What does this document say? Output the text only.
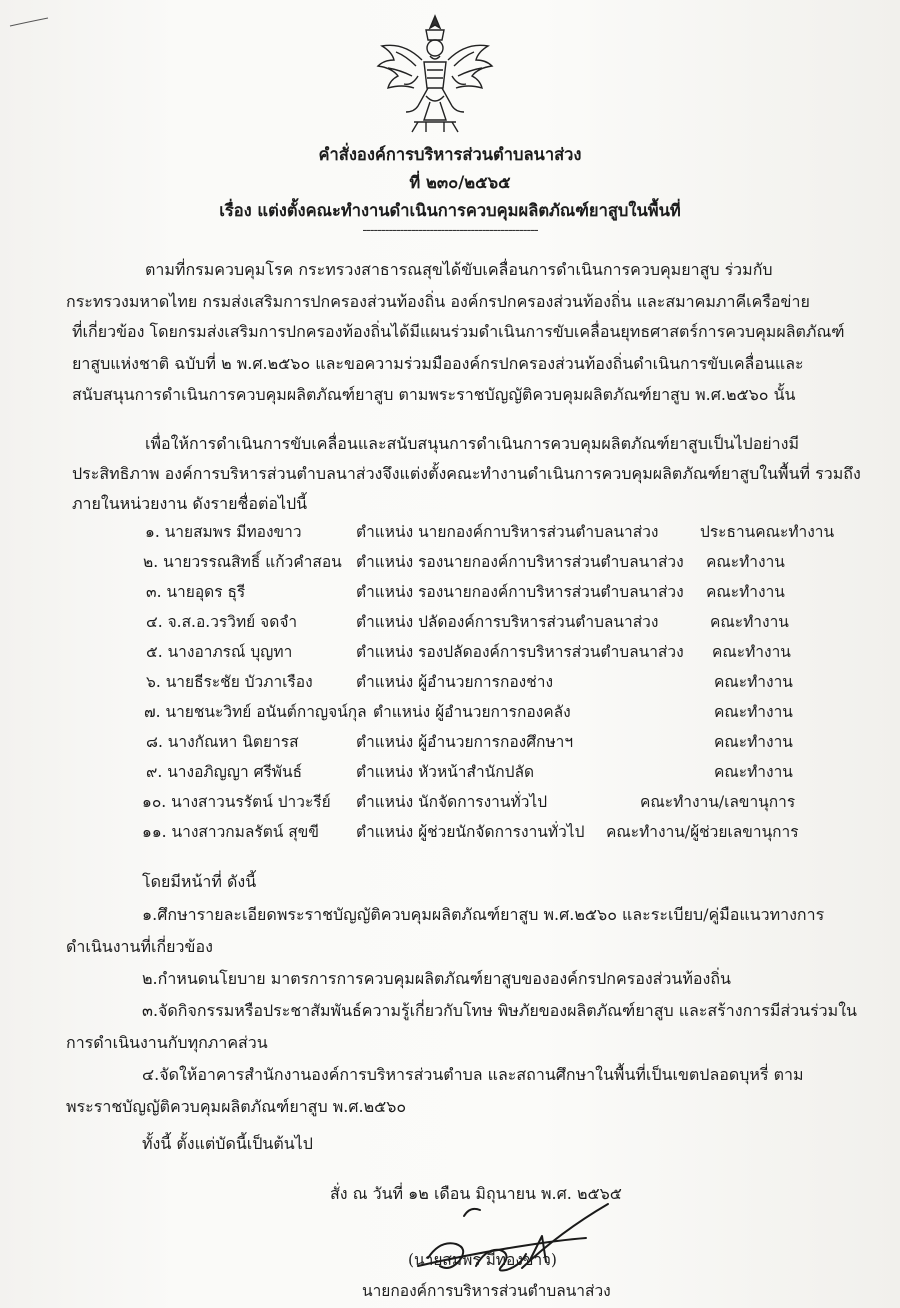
คำสั่งองค์การบริหารส่วนตำบลนาส่วง
ที่ ๒๓๐/๒๕๖๕
เรื่อง แต่งตั้งคณะทำงานดำเนินการควบคุมผลิตภัณฑ์ยาสูบในพื้นที่
-----------------------------------------------
ตามที่กรมควบคุมโรค กระทรวงสาธารณสุขได้ขับเคลื่อนการดำเนินการควบคุมยาสูบ ร่วมกับ
กระทรวงมหาดไทย กรมส่งเสริมการปกครองส่วนท้องถิ่น องค์กรปกครองส่วนท้องถิ่น และสมาคมภาคีเครือข่าย
ที่เกี่ยวข้อง โดยกรมส่งเสริมการปกครองท้องถิ่นได้มีแผนร่วมดำเนินการขับเคลื่อนยุทธศาสตร์การควบคุมผลิตภัณฑ์
ยาสูบแห่งชาติ ฉบับที่ ๒ พ.ศ.๒๕๖๐ และขอความร่วมมือองค์กรปกครองส่วนท้องถิ่นดำเนินการขับเคลื่อนและ
สนับสนุนการดำเนินการควบคุมผลิตภัณฑ์ยาสูบ ตามพระราชบัญญัติควบคุมผลิตภัณฑ์ยาสูบ พ.ศ.๒๕๖๐ นั้น
เพื่อให้การดำเนินการขับเคลื่อนและสนับสนุนการดำเนินการควบคุมผลิตภัณฑ์ยาสูบเป็นไปอย่างมี
ประสิทธิภาพ องค์การบริหารส่วนตำบลนาส่วงจึงแต่งตั้งคณะทำงานดำเนินการควบคุมผลิตภัณฑ์ยาสูบในพื้นที่ รวมถึง
ภายในหน่วยงาน ดังรายชื่อต่อไปนี้
๑. นายสมพร มีทองขาว	ตำแหน่ง นายกองค์กาบริหารส่วนตำบลนาส่วง	ประธานคณะทำงาน
๒. นายวรรณสิทธิ์ แก้วคำสอน ตำแหน่ง รองนายกองค์กาบริหารส่วนตำบลนาส่วง คณะทำงาน
๓. นายอุดร ธุรี	ตำแหน่ง รองนายกองค์กาบริหารส่วนตำบลนาส่วง คณะทำงาน
๔. จ.ส.อ.วรวิทย์ จดจำ	ตำแหน่ง ปลัดองค์การบริหารส่วนตำบลนาส่วง	คณะทำงาน
๕. นางอาภรณ์ บุญทา	ตำแหน่ง รองปลัดองค์การบริหารส่วนตำบลนาส่วง คณะทำงาน
๖. นายธีระชัย บัวภาเรือง	ตำแหน่ง ผู้อำนวยการกองช่าง	คณะทำงาน
๗. นายชนะวิทย์ อนันต์กาญจน์กุล ตำแหน่ง ผู้อำนวยการกองคลัง	คณะทำงาน
๘. นางกัณหา นิตยารส	ตำแหน่ง ผู้อำนวยการกองศึกษาฯ	คณะทำงาน
๙. นางอภิญญา ศรีพันธ์	ตำแหน่ง หัวหน้าสำนักปลัด	คณะทำงาน
๑๐. นางสาวนรรัตน์ ปาวะรีย์ ตำแหน่ง นักจัดการงานทั่วไป	คณะทำงาน/เลขานุการ
๑๑. นางสาวกมลรัตน์ สุขขี ตำแหน่ง ผู้ช่วยนักจัดการงานทั่วไป คณะทำงาน/ผู้ช่วยเลขานุการ
โดยมีหน้าที่ ดังนี้
๑.ศึกษารายละเอียดพระราชบัญญัติควบคุมผลิตภัณฑ์ยาสูบ พ.ศ.๒๕๖๐ และระเบียบ/คู่มือแนวทางการ
ดำเนินงานที่เกี่ยวข้อง
๒.กำหนดนโยบาย มาตรการการควบคุมผลิตภัณฑ์ยาสูบขององค์กรปกครองส่วนท้องถิ่น
๓.จัดกิจกรรมหรือประชาสัมพันธ์ความรู้เกี่ยวกับโทษ พิษภัยของผลิตภัณฑ์ยาสูบ และสร้างการมีส่วนร่วมใน
การดำเนินงานกับทุกภาคส่วน
๔.จัดให้อาคารสำนักงานองค์การบริหารส่วนตำบล และสถานศึกษาในพื้นที่เป็นเขตปลอดบุหรี่ ตาม
พระราชบัญญัติควบคุมผลิตภัณฑ์ยาสูบ พ.ศ.๒๕๖๐
ทั้งนี้ ตั้งแต่บัดนี้เป็นต้นไป
สั่ง ณ วันที่ ๑๒ เดือน มิถุนายน พ.ศ. ๒๕๖๕
(นายสมพร มีทองขาว)
นายกองค์การบริหารส่วนตำบลนาส่วง
